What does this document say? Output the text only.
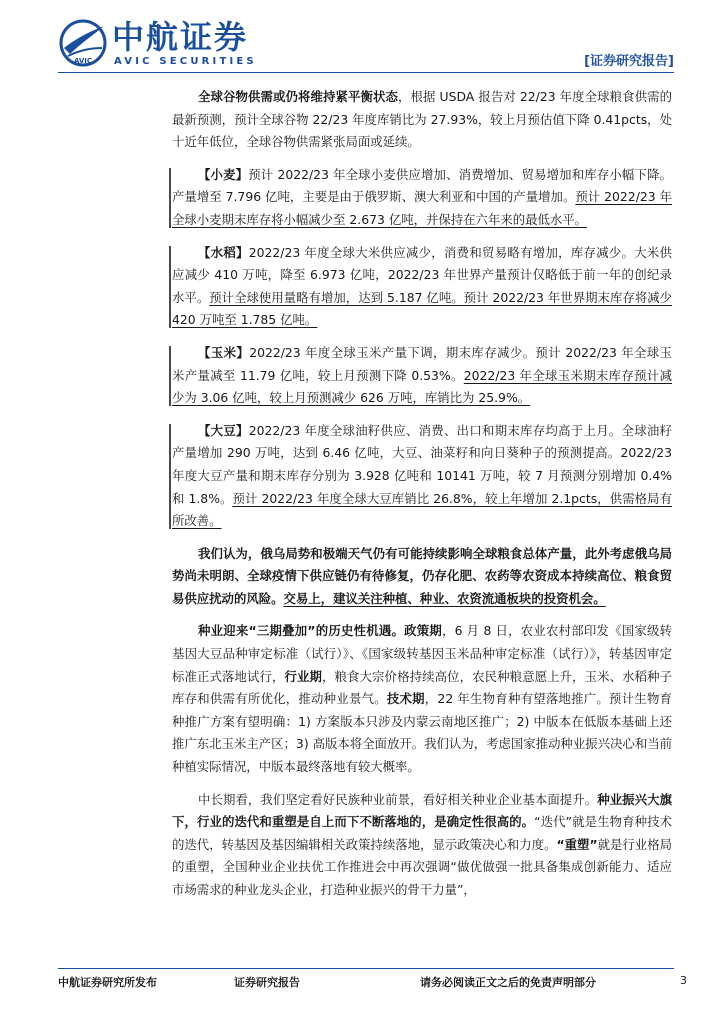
AVIC
中航证券
AVIC SECURITIES	[证券研究报告]

全球谷物供需或仍将维持紧平衡状态，根据 USDA 报告对 22/23 年度全球粮食供需的最新预测，预计全球谷物 22/23 年度库销比为 27.93%，较上月预估值下降 0.41pcts，处十近年低位，全球谷物供需紧张局面或延续。

【小麦】预计 2022/23 年全球小麦供应增加、消费增加、贸易增加和库存小幅下降。产量增至 7.796 亿吨，主要是由于俄罗斯、澳大利亚和中国的产量增加。预计 2022/23 年全球小麦期末库存将小幅减少至 2.673 亿吨，并保持在六年来的最低水平。

【水稻】2022/23 年度全球大米供应减少，消费和贸易略有增加，库存减少。大米供应减少 410 万吨，降至 6.973 亿吨，2022/23 年世界产量预计仅略低于前一年的创纪录水平。预计全球使用量略有增加，达到 5.187 亿吨。预计 2022/23 年世界期末库存将减少 420 万吨至 1.785 亿吨。

【玉米】2022/23 年度全球玉米产量下调，期末库存减少。预计 2022/23 年全球玉米产量减至 11.79 亿吨，较上月预测下降 0.53%。2022/23 年全球玉米期末库存预计减少为 3.06 亿吨，较上月预测减少 626 万吨，库销比为 25.9%。

【大豆】2022/23 年度全球油籽供应、消费、出口和期末库存均高于上月。全球油籽产量增加 290 万吨，达到 6.46 亿吨，大豆、油菜籽和向日葵种子的预测提高。2022/23 年度大豆产量和期末库存分别为 3.928 亿吨和 10141 万吨，较 7 月预测分别增加 0.4%和 1.8%。预计 2022/23 年度全球大豆库销比 26.8%，较上年增加 2.1pcts，供需格局有所改善。

我们认为，俄乌局势和极端天气仍有可能持续影响全球粮食总体产量，此外考虑俄乌局势尚未明朗、全球疫情下供应链仍有待修复，仍存化肥、农药等农资成本持续高位、粮食贸易供应扰动的风险。交易上，建议关注种植、种业、农资流通板块的投资机会。

种业迎来“三期叠加”的历史性机遇。政策期，6 月 8 日，农业农村部印发《国家级转基因大豆品种审定标准（试行）》、《国家级转基因玉米品种审定标准（试行）》，转基因审定标准正式落地试行，行业期，粮食大宗价格持续高位，农民种粮意愿上升，玉米、水稻种子库存和供需有所优化，推动种业景气。技术期，22 年生物育种有望落地推广。预计生物育种推广方案有望明确：1) 方案版本只涉及内蒙云南地区推广；2) 中版本在低版本基础上还推广东北玉米主产区；3) 高版本将全面放开。我们认为，考虑国家推动种业振兴决心和当前种植实际情况，中版本最终落地有较大概率。

中长期看，我们坚定看好民族种业前景，看好相关种业企业基本面提升。种业振兴大旗下，行业的迭代和重塑是自上而下不断落地的，是确定性很高的。“迭代”就是生物育种技术的迭代，转基因及基因编辑相关政策持续落地，显示政策决心和力度。“重塑”就是行业格局的重塑，全国种业企业扶优工作推进会中再次强调“做优做强一批具备集成创新能力、适应市场需求的种业龙头企业，打造种业振兴的骨干力量”，

中航证券研究所发布	证券研究报告	请务必阅读正文之后的免责声明部分	3
